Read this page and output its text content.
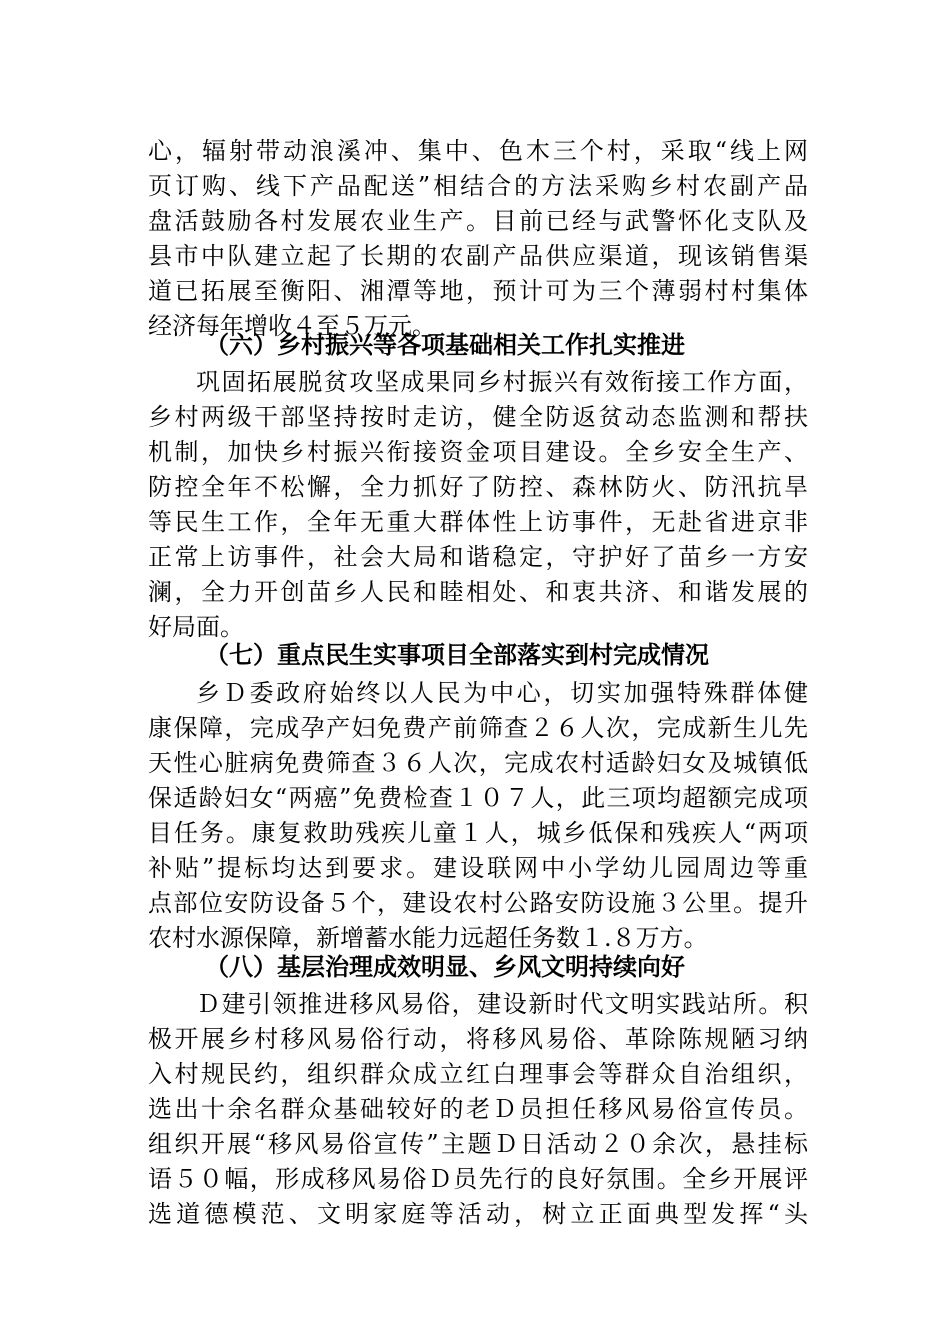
心，辐射带动浪溪冲、集中、色木三个村，采取“线上网
页订购、线下产品配送”相结合的方法采购乡村农副产品
盘活鼓励各村发展农业生产。目前已经与武警怀化支队及
县市中队建立起了长期的农副产品供应渠道，现该销售渠
道已拓展至衡阳、湘潭等地，预计可为三个薄弱村村集体
经济每年增收４至５万元。
（六）乡村振兴等各项基础相关工作扎实推进
巩固拓展脱贫攻坚成果同乡村振兴有效衔接工作方面，
乡村两级干部坚持按时走访，健全防返贫动态监测和帮扶
机制，加快乡村振兴衔接资金项目建设。全乡安全生产、
防控全年不松懈，全力抓好了防控、森林防火、防汛抗旱
等民生工作，全年无重大群体性上访事件，无赴省进京非
正常上访事件，社会大局和谐稳定，守护好了苗乡一方安
澜，全力开创苗乡人民和睦相处、和衷共济、和谐发展的
好局面。
（七）重点民生实事项目全部落实到村完成情况
乡Ｄ委政府始终以人民为中心，切实加强特殊群体健
康保障，完成孕产妇免费产前筛查２６人次，完成新生儿先
天性心脏病免费筛查３６人次，完成农村适龄妇女及城镇低
保适龄妇女“两癌”免费检查１０７人，此三项均超额完成项
目任务。康复救助残疾儿童１人，城乡低保和残疾人“两项
补贴”提标均达到要求。建设联网中小学幼儿园周边等重
点部位安防设备５个，建设农村公路安防设施３公里。提升
农村水源保障，新增蓄水能力远超任务数１.８万方。
（八）基层治理成效明显、乡风文明持续向好
Ｄ建引领推进移风易俗，建设新时代文明实践站所。积
极开展乡村移风易俗行动，将移风易俗、革除陈规陋习纳
入村规民约，组织群众成立红白理事会等群众自治组织，
选出十余名群众基础较好的老Ｄ员担任移风易俗宣传员。
组织开展“移风易俗宣传”主题Ｄ日活动２０余次，悬挂标
语５０幅，形成移风易俗Ｄ员先行的良好氛围。全乡开展评
选道德模范、文明家庭等活动，树立正面典型发挥“头
